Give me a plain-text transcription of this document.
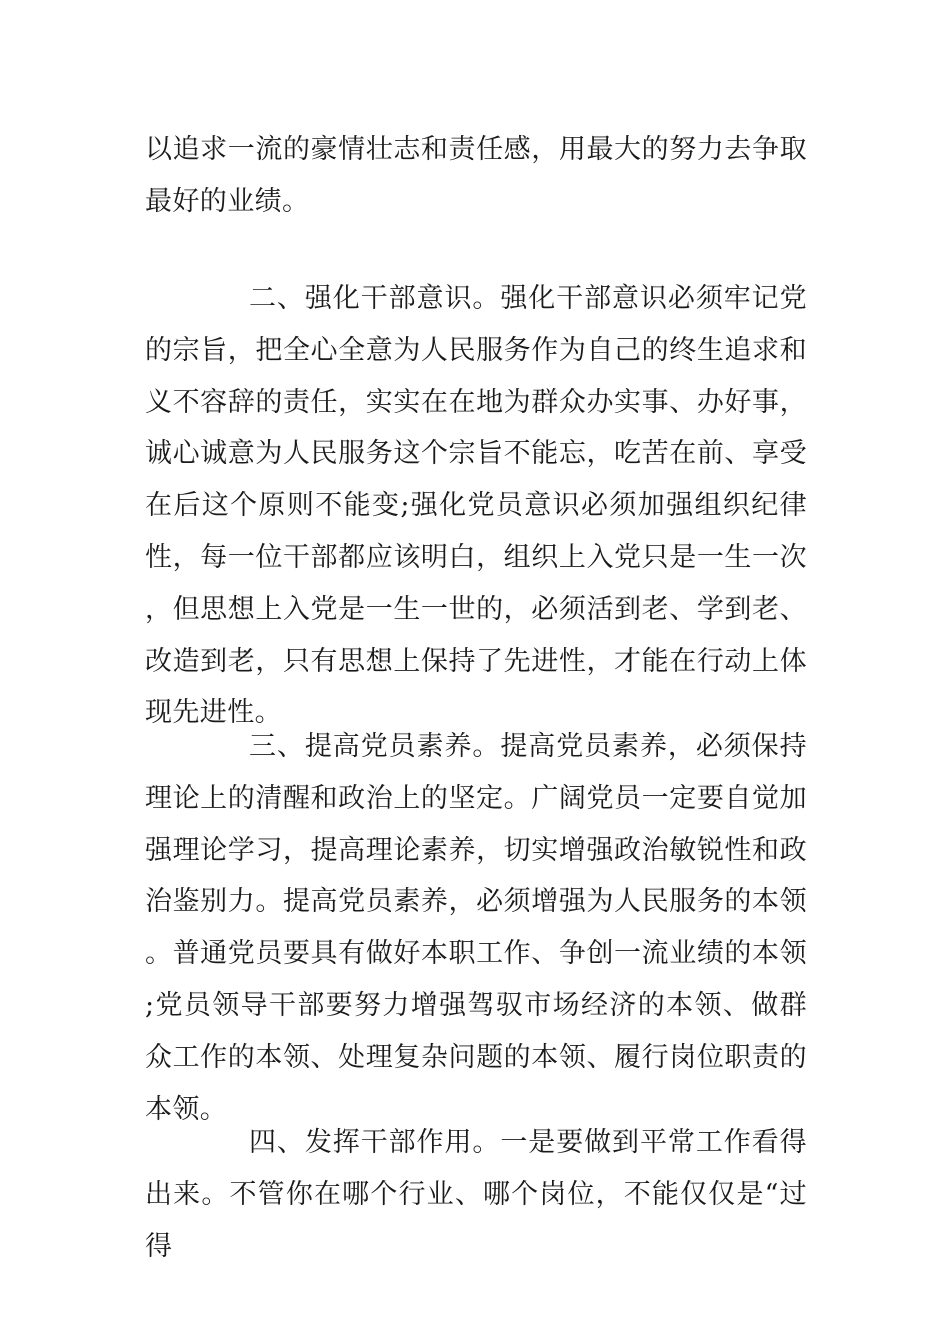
以追求一流的豪情壮志和责任感，用最大的努力去争取最好的业绩。

二、强化干部意识。强化干部意识必须牢记党的宗旨，把全心全意为人民服务作为自己的终生追求和义不容辞的责任，实实在在地为群众办实事、办好事，诚心诚意为人民服务这个宗旨不能忘，吃苦在前、享受在后这个原则不能变;强化党员意识必须加强组织纪律性，每一位干部都应该明白，组织上入党只是一生一次，但思想上入党是一生一世的，必须活到老、学到老、改造到老，只有思想上保持了先进性，才能在行动上体现先进性。

三、提高党员素养。提高党员素养，必须保持理论上的清醒和政治上的坚定。广阔党员一定要自觉加强理论学习，提高理论素养，切实增强政治敏锐性和政治鉴别力。提高党员素养，必须增强为人民服务的本领。普通党员要具有做好本职工作、争创一流业绩的本领;党员领导干部要努力增强驾驭市场经济的本领、做群众工作的本领、处理复杂问题的本领、履行岗位职责的本领。

四、发挥干部作用。一是要做到平常工作看得出来。不管你在哪个行业、哪个岗位，不能仅仅是“过得
